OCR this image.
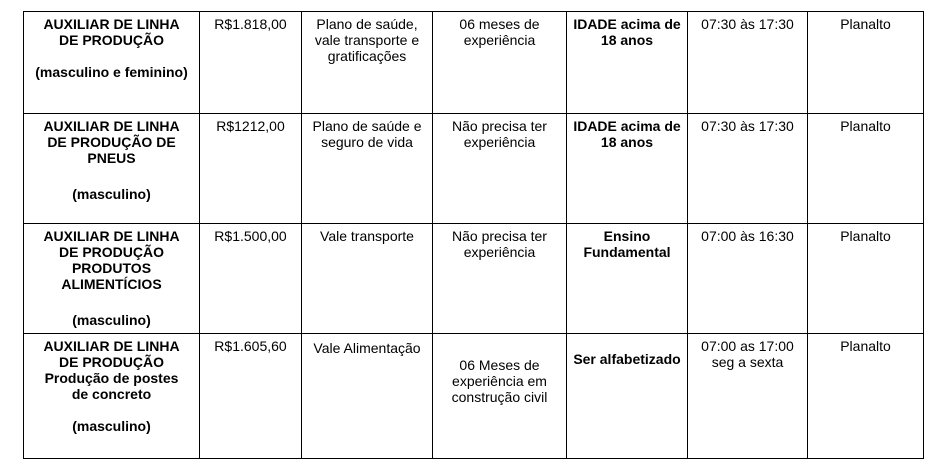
AUXILIAR DE LINHA
DE PRODUÇÃO
(masculino e feminino)	R$1.818,00	Plano de saúde, vale transporte e gratificações	06 meses de experiência	IDADE acima de 18 anos	07:30 às 17:30	Planalto

AUXILIAR DE LINHA
DE PRODUÇÃO DE
PNEUS
(masculino)	R$1212,00	Plano de saúde e seguro de vida	Não precisa ter experiência	IDADE acima de 18 anos	07:30 às 17:30	Planalto

AUXILIAR DE LINHA
DE PRODUÇÃO
PRODUTOS
ALIMENTÍCIOS
(masculino)	R$1.500,00	Vale transporte	Não precisa ter experiência	Ensino Fundamental	07:00 às 16:30	Planalto

AUXILIAR DE LINHA
DE PRODUÇÃO
Produção de postes
de concreto
(masculino)	R$1.605,60	Vale Alimentação	06 Meses de experiência em construção civil	Ser alfabetizado	07:00 as 17:00
seg a sexta	Planalto
